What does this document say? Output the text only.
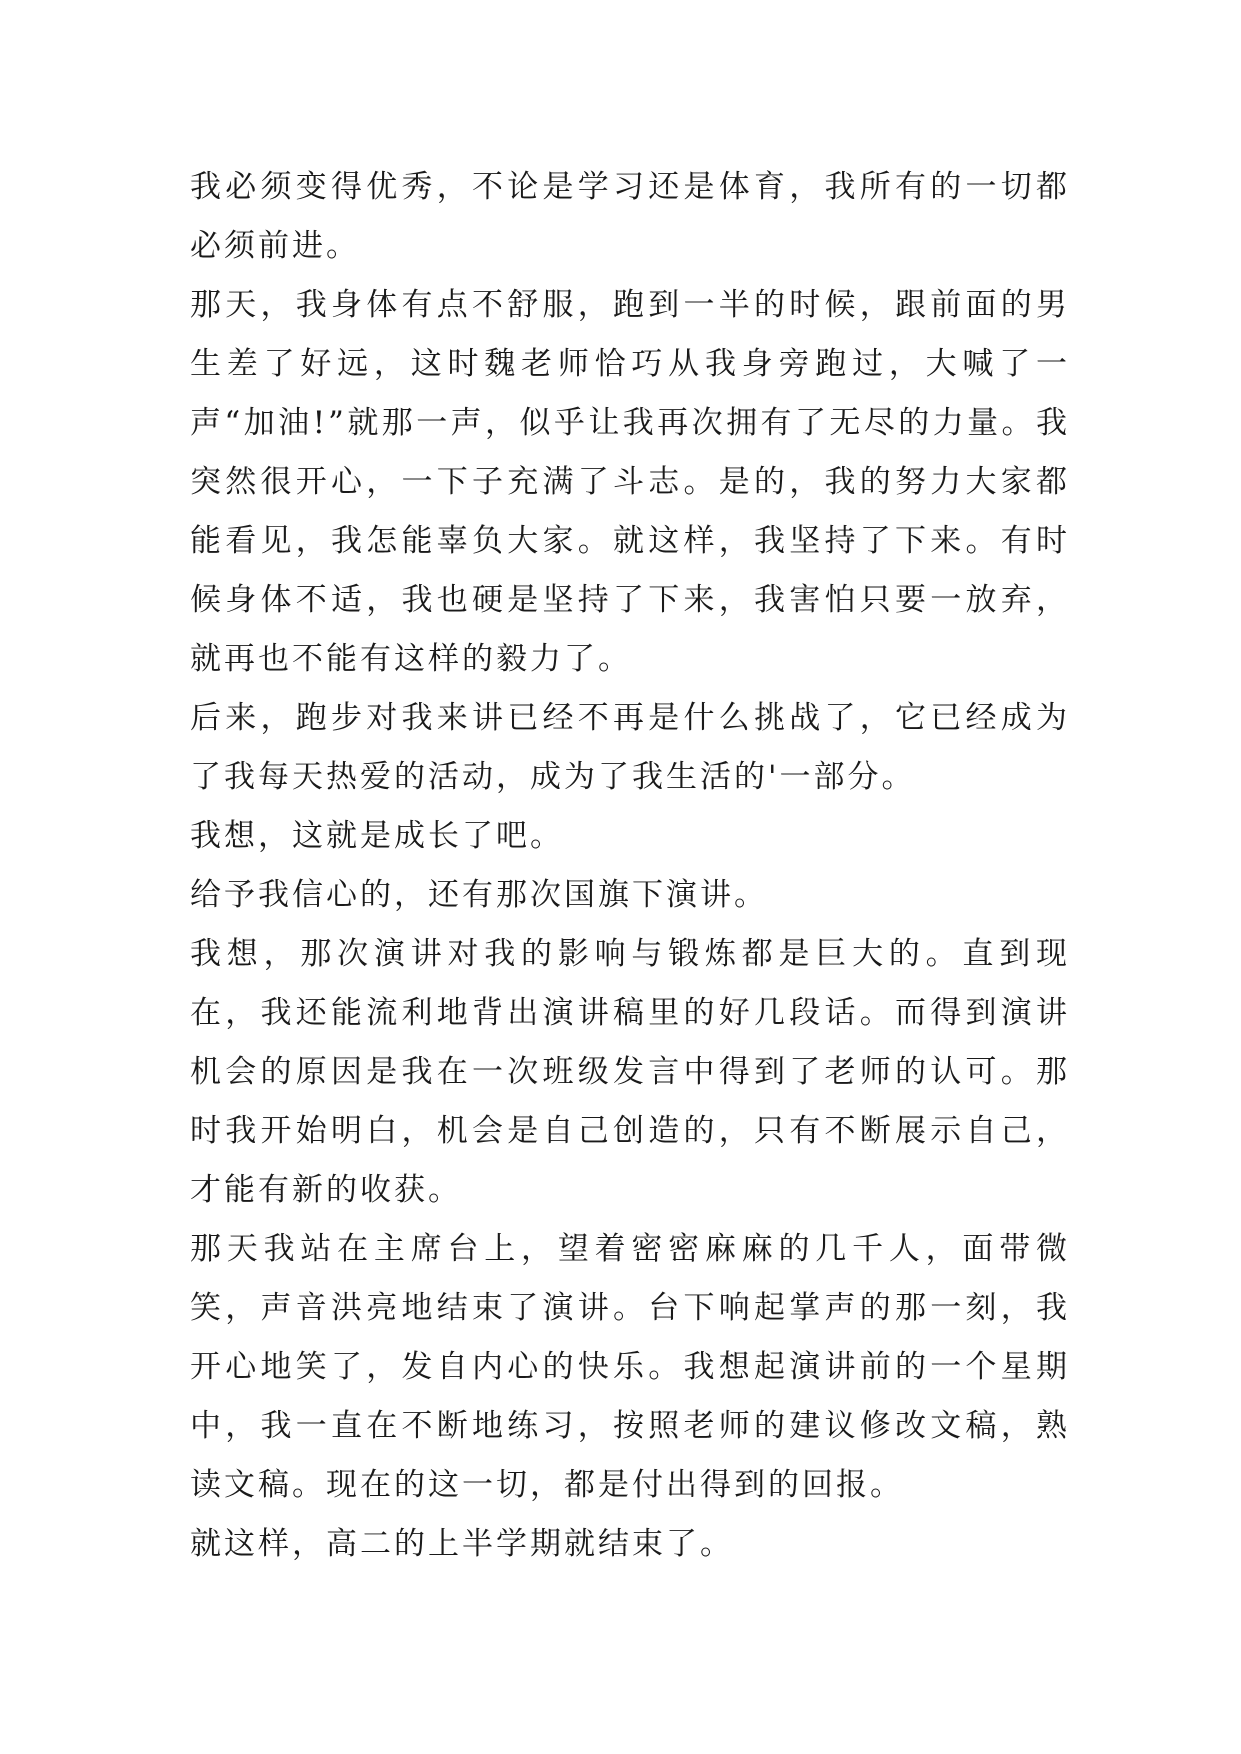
我必须变得优秀，不论是学习还是体育，我所有的一切都必须前进。

那天，我身体有点不舒服，跑到一半的时候，跟前面的男生差了好远，这时魏老师恰巧从我身旁跑过，大喊了一声“加油!”就那一声，似乎让我再次拥有了无尽的力量。我突然很开心，一下子充满了斗志。是的，我的努力大家都能看见，我怎能辜负大家。就这样，我坚持了下来。有时候身体不适，我也硬是坚持了下来，我害怕只要一放弃，就再也不能有这样的毅力了。

后来，跑步对我来讲已经不再是什么挑战了，它已经成为了我每天热爱的活动，成为了我生活的'一部分。

我想，这就是成长了吧。

给予我信心的，还有那次国旗下演讲。

我想，那次演讲对我的影响与锻炼都是巨大的。直到现在，我还能流利地背出演讲稿里的好几段话。而得到演讲机会的原因是我在一次班级发言中得到了老师的认可。那时我开始明白，机会是自己创造的，只有不断展示自己，才能有新的收获。

那天我站在主席台上，望着密密麻麻的几千人，面带微笑，声音洪亮地结束了演讲。台下响起掌声的那一刻，我开心地笑了，发自内心的快乐。我想起演讲前的一个星期中，我一直在不断地练习，按照老师的建议修改文稿，熟读文稿。现在的这一切，都是付出得到的回报。

就这样，高二的上半学期就结束了。
